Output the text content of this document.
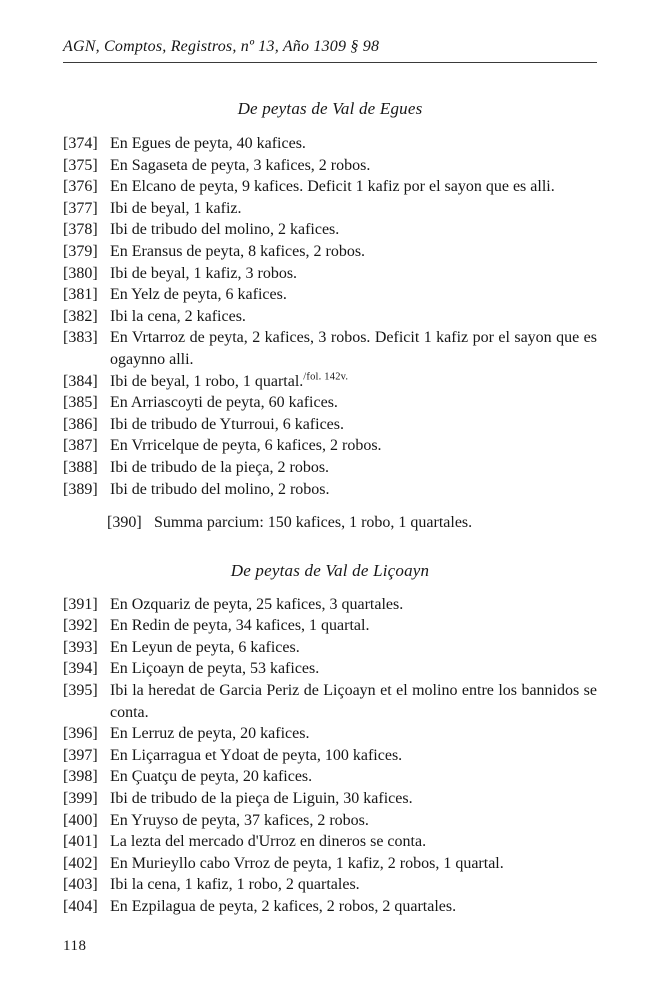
AGN, Comptos, Registros, nº 13, Año 1309 § 98
De peytas de Val de Egues
[374] En Egues de peyta, 40 kafices.
[375] En Sagaseta de peyta, 3 kafices, 2 robos.
[376] En Elcano de peyta, 9 kafices. Deficit 1 kafiz por el sayon que es alli.
[377] Ibi de beyal, 1 kafiz.
[378] Ibi de tribudo del molino, 2 kafices.
[379] En Eransus de peyta, 8 kafices, 2 robos.
[380] Ibi de beyal, 1 kafiz, 3 robos.
[381] En Yelz de peyta, 6 kafices.
[382] Ibi la cena, 2 kafices.
[383] En Vrtarroz de peyta, 2 kafices, 3 robos. Deficit 1 kafiz por el sayon que es ogaynno alli.
[384] Ibi de beyal, 1 robo, 1 quartal.$^{/fol. 142v.}$
[385] En Arriascoyti de peyta, 60 kafices.
[386] Ibi de tribudo de Yturroui, 6 kafices.
[387] En Vrricelque de peyta, 6 kafices, 2 robos.
[388] Ibi de tribudo de la pieça, 2 robos.
[389] Ibi de tribudo del molino, 2 robos.
[390] Summa parcium: 150 kafices, 1 robo, 1 quartales.
De peytas de Val de Liçoayn
[391] En Ozquariz de peyta, 25 kafices, 3 quartales.
[392] En Redin de peyta, 34 kafices, 1 quartal.
[393] En Leyun de peyta, 6 kafices.
[394] En Liçoayn de peyta, 53 kafices.
[395] Ibi la heredat de Garcia Periz de Liçoayn et el molino entre los bannidos se conta.
[396] En Lerruz de peyta, 20 kafices.
[397] En Liçarragua et Ydoat de peyta, 100 kafices.
[398] En Çuatçu de peyta, 20 kafices.
[399] Ibi de tribudo de la pieça de Liguin, 30 kafices.
[400] En Yruyso de peyta, 37 kafices, 2 robos.
[401] La lezta del mercado d'Urroz en dineros se conta.
[402] En Murieyllo cabo Vrroz de peyta, 1 kafiz, 2 robos, 1 quartal.
[403] Ibi la cena, 1 kafiz, 1 robo, 2 quartales.
[404] En Ezpilagua de peyta, 2 kafices, 2 robos, 2 quartales.
118
